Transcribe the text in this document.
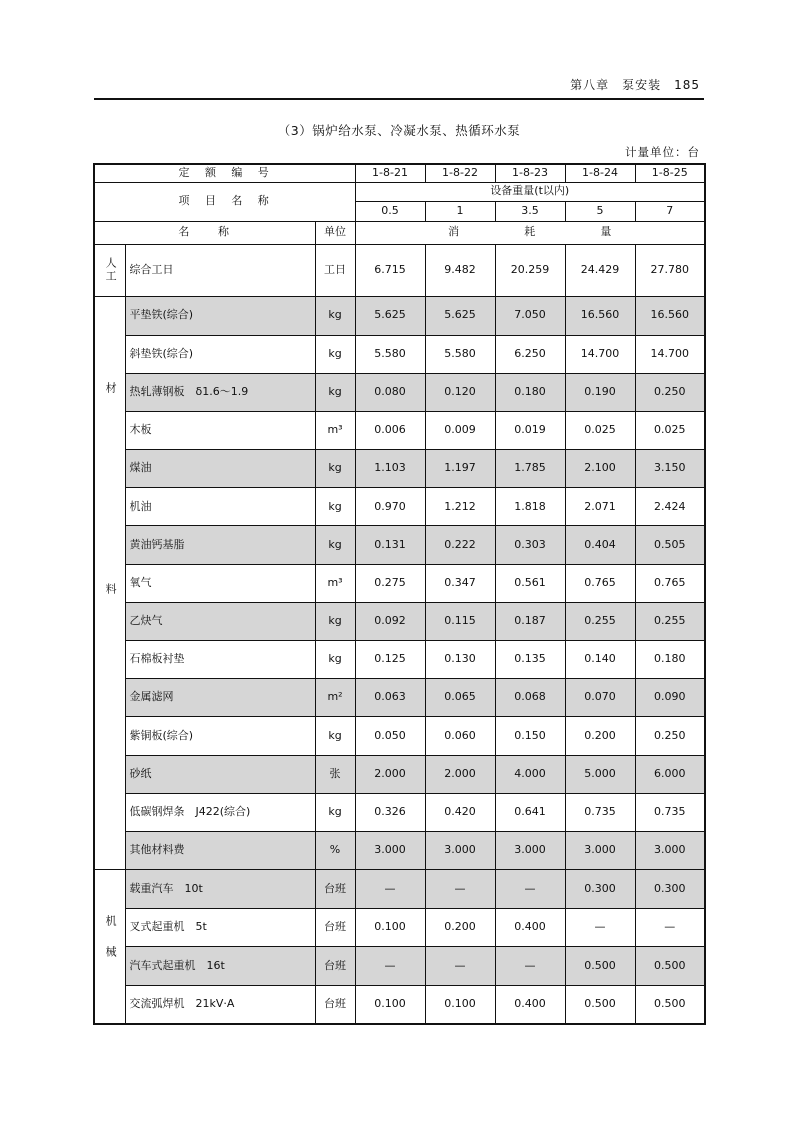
第八章　泵安装　185
（3）锅炉给水泵、冷凝水泵、热循环水泵
计量单位：台
定　额　编　号			1-8-21	1-8-22	1-8-23	1-8-24	1-8-25
项　目　名　称			设备重量(t以内)				
			0.5	1	3.5	5	7
名　　称		单位	消 耗 量				

人工	综合工日	工日	6.715	9.482	20.259	24.429	27.780

材料	平垫铁(综合)	kg	5.625	5.625	7.050	16.560	16.560
	斜垫铁(综合)	kg	5.580	5.580	6.250	14.700	14.700
	热轧薄钢板　δ1.6～1.9	kg	0.080	0.120	0.180	0.190	0.250
	木板	m³	0.006	0.009	0.019	0.025	0.025
	煤油	kg	1.103	1.197	1.785	2.100	3.150
	机油	kg	0.970	1.212	1.818	2.071	2.424
	黄油钙基脂	kg	0.131	0.222	0.303	0.404	0.505
	氧气	m³	0.275	0.347	0.561	0.765	0.765
	乙炔气	kg	0.092	0.115	0.187	0.255	0.255
	石棉板衬垫	kg	0.125	0.130	0.135	0.140	0.180
	金属滤网	m²	0.063	0.065	0.068	0.070	0.090
	紫铜板(综合)	kg	0.050	0.060	0.150	0.200	0.250
	砂纸	张	2.000	2.000	4.000	5.000	6.000
	低碳钢焊条　J422(综合)	kg	0.326	0.420	0.641	0.735	0.735
	其他材料费	%	3.000	3.000	3.000	3.000	3.000

机械	载重汽车　10t	台班	—	—	—	0.300	0.300
	叉式起重机　5t	台班	0.100	0.200	0.400	—	—
	汽车式起重机　16t	台班	—	—	—	0.500	0.500
	交流弧焊机　21kV·A	台班	0.100	0.100	0.400	0.500	0.500
